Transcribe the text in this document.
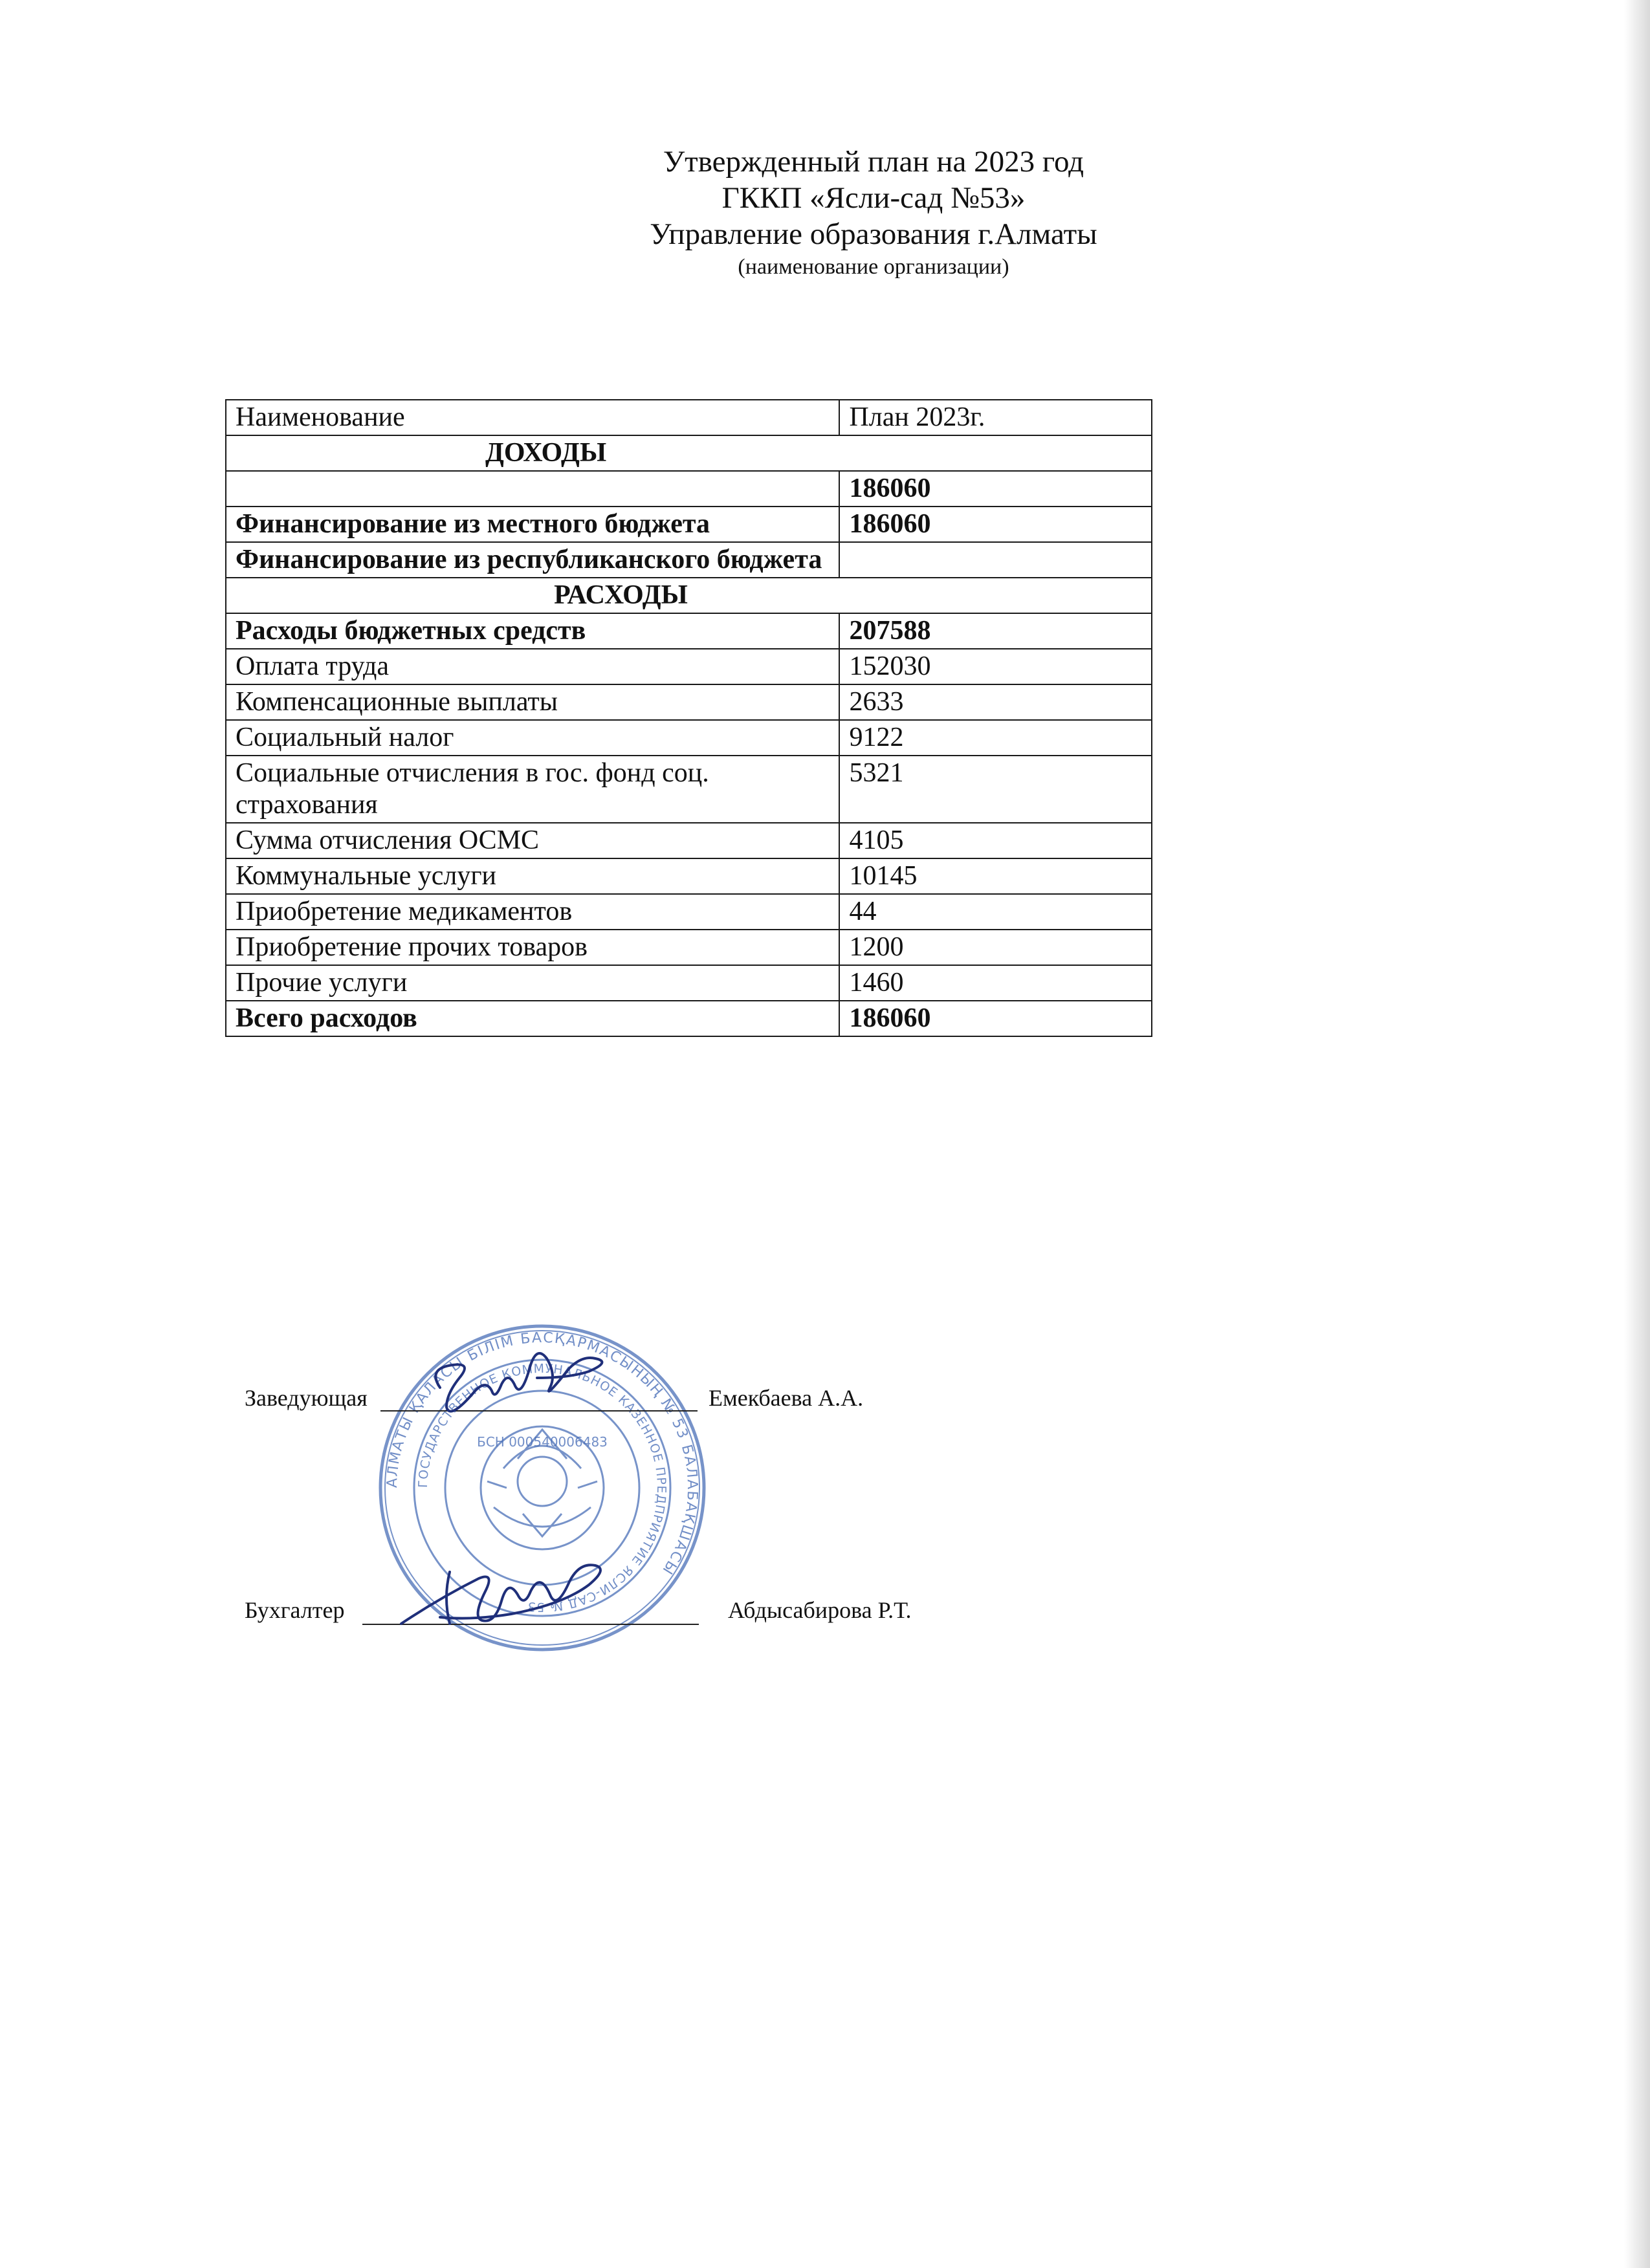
Утвержденный план на 2023 год
ГККП «Ясли-сад №53»
Управление образования г.Алматы
(наименование организации)
Наименование	План 2023г.
ДОХОДЫ	
	186060
Финансирование из местного бюджета	186060
Финансирование из республиканского бюджета	
РАСХОДЫ	
Расходы бюджетных средств	207588
Оплата труда	152030
Компенсационные выплаты	2633
Социальный налог	9122
Социальные отчисления в гос. фонд соц. страхования	5321
Сумма отчисления ОСМС	4105
Коммунальные услуги	10145
Приобретение медикаментов	44
Приобретение прочих товаров	1200
Прочие услуги	1460
Всего расходов	186060
АЛМАТЫ ҚАЛАСЫ БІЛІМ БАСҚАРМАСЫНЫҢ № 53 БАЛАБАҚШАСЫ
ГОСУДАРСТВЕННОЕ КОММУНАЛЬНОЕ КАЗЕННОЕ ПРЕДПРИЯТИЕ ЯСЛИ-САД № 53
БСН 000540006483
Заведующая	Емекбаева А.А.
Бухгалтер	Абдысабирова Р.Т.
